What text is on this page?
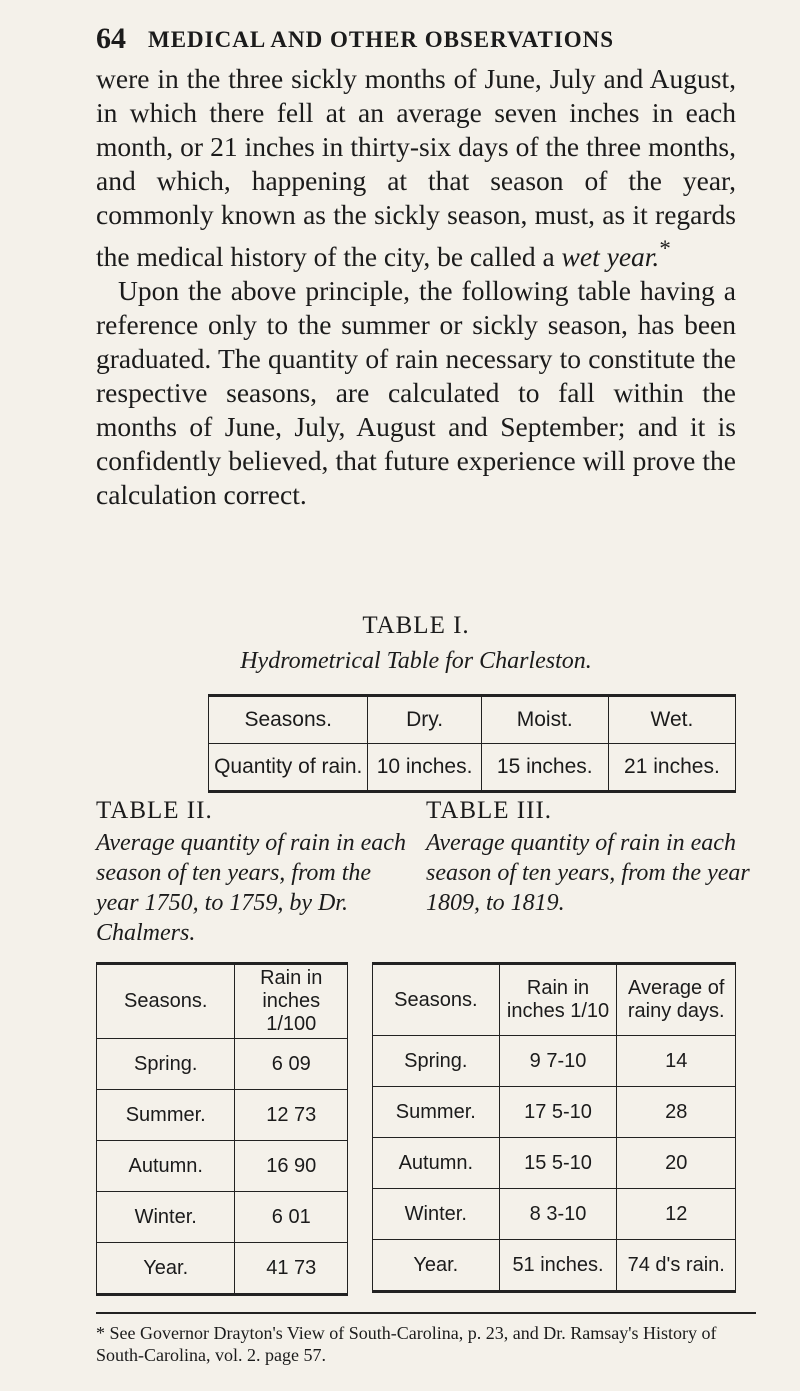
64 MEDICAL AND OTHER OBSERVATIONS

were in the three sickly months of June, July and August, in which there fell at an average seven inches in each month, or 21 inches in thirty-six days of the three months, and which, happening at that season of the year, commonly known as the sickly season, must, as it regards the medical history of the city, be called a wet year.*

Upon the above principle, the following table having a reference only to the summer or sickly season, has been graduated. The quantity of rain necessary to constitute the respective seasons, are calculated to fall within the months of June, July, August and September; and it is confidently believed, that future experience will prove the calculation correct.

TABLE I.
Hydrometrical Table for Charleston.
Seasons.	Dry.	Moist.	Wet.
Quantity of rain.	10 inches.	15 inches.	21 inches.
TABLE II.
Average quantity of rain in each season of ten years, from the year 1750, to 1759, by Dr. Chalmers.
TABLE III.
Average quantity of rain in each season of ten years, from the year 1809, to 1819.
Seasons.	Rain in inches 1/100
Spring.	6 09
Summer.	12 73
Autumn.	16 90
Winter.	6 01
Year.	41 73
Seasons.	Rain in inches 1/10	Average of rainy days.
Spring.	9 7-10	14
Summer.	17 5-10	28
Autumn.	15 5-10	20
Winter.	8 3-10	12
Year.	51 inches.	74 d's rain.
* See Governor Drayton's View of South-Carolina, p. 23, and Dr. Ramsay's History of South-Carolina, vol. 2. page 57.
